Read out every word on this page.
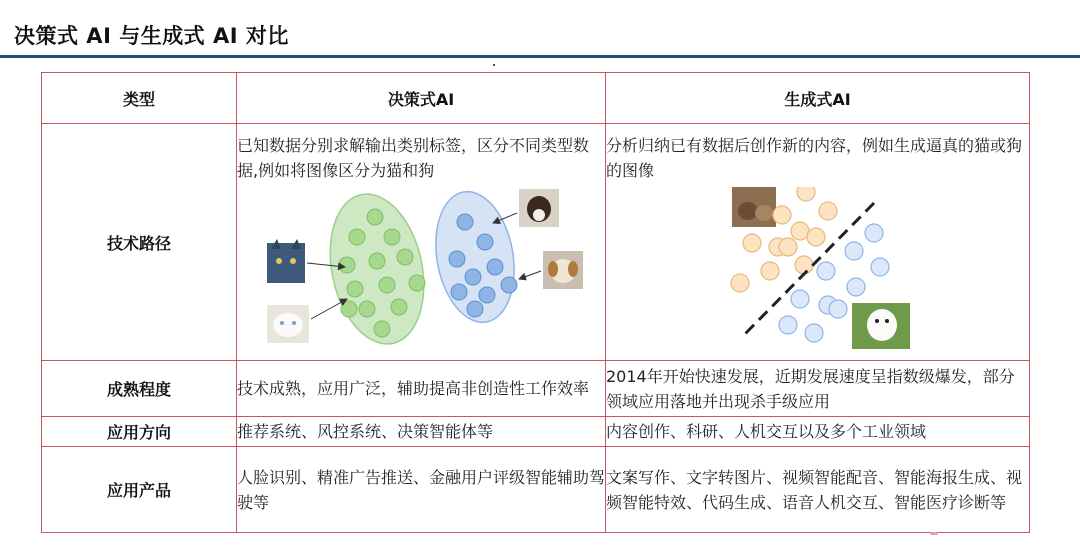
决策式 AI 与生成式 AI 对比
类型	决策式AI	生成式AI
技术路径	已知数据分别求解输出类别标签，区分不同类型数据,例如将图像区分为猫和狗	分析归纳已有数据后创作新的内容，例如生成逼真的猫或狗的图像

成熟程度	技术成熟，应用广泛，辅助提高非创造性工作效率	2014年开始快速发展，近期发展速度呈指数级爆发，部分领域应用落地并出现杀手级应用
应用方向	推荐系统、风控系统、决策智能体等	内容创作、科研、人机交互以及多个工业领域
应用产品	人脸识别、精准广告推送、金融用户评级智能辅助驾驶等	文案写作、文字转图片、视频智能配音、智能海报生成、视频智能特效、代码生成、语音人机交互、智能医疗诊断等
